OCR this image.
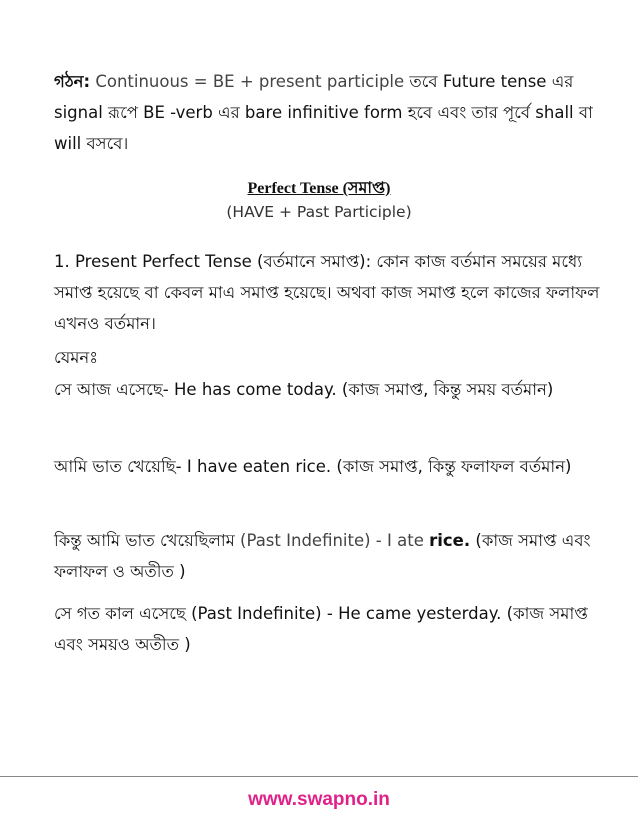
গঠন: Continuous = BE + present participle তবে Future tense এর signal রূপে BE -verb এর bare infinitive form হবে এবং তার পূর্বে shall বা will বসবে।
Perfect Tense (সমাপ্ত)
(HAVE + Past Participle)
1. Present Perfect Tense (বর্তমানে সমাপ্ত): কোন কাজ বর্তমান সময়ের মধ্যে সমাপ্ত হয়েছে বা কেবল মাএ সমাপ্ত হয়েছে। অথবা কাজ সমাপ্ত হলে কাজের ফলাফল এখনও বর্তমান।
যেমনঃ
সে আজ এসেছে- He has come today. (কাজ সমাপ্ত, কিন্তু সময় বর্তমান)
আমি ভাত খেয়েছি- I have eaten rice. (কাজ সমাপ্ত, কিন্তু ফলাফল বর্তমান)
কিন্তু আমি ভাত খেয়েছিলাম (Past Indefinite) - I ate rice. (কাজ সমাপ্ত এবং ফলাফল ও অতীত )
সে গত কাল এসেছে (Past Indefinite) - He came yesterday. (কাজ সমাপ্ত এবং সময়ও অতীত )
www.swapno.in
